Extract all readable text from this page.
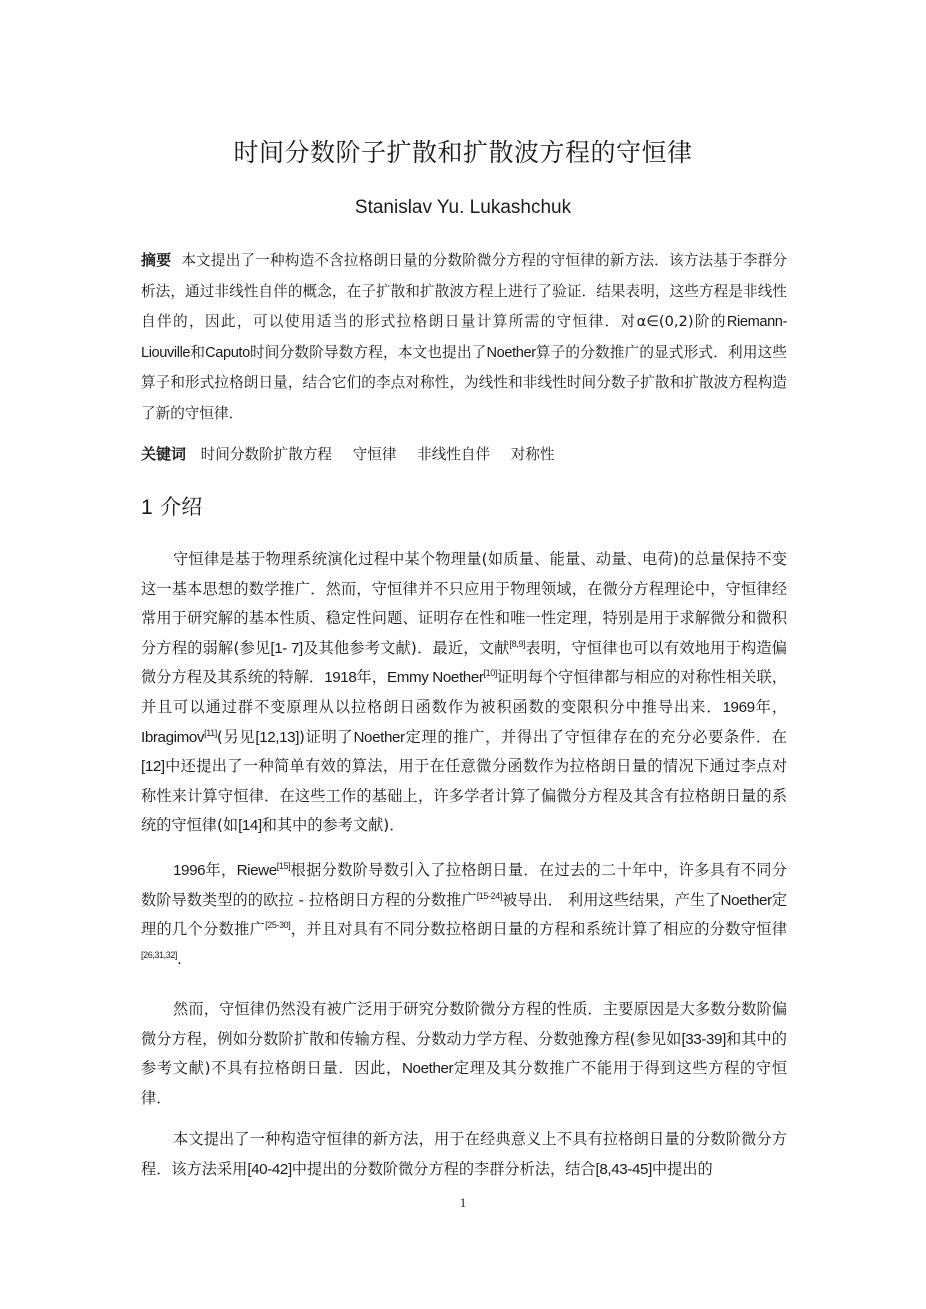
时间分数阶子扩散和扩散波方程的守恒律
Stanislav Yu. Lukashchuk
摘要 本文提出了一种构造不含拉格朗日量的分数阶微分方程的守恒律的新方法．该方法基于李群分析法，通过非线性自伴的概念，在子扩散和扩散波方程上进行了验证．结果表明，这些方程是非线性自伴的，因此，可以使用适当的形式拉格朗日量计算所需的守恒律．对α∈(0,2)阶的Riemann-Liouville和Caputo时间分数阶导数方程，本文也提出了Noether算子的分数推广的显式形式．利用这些算子和形式拉格朗日量，结合它们的李点对称性，为线性和非线性时间分数子扩散和扩散波方程构造了新的守恒律．
关键词 时间分数阶扩散方程 守恒律 非线性自伴 对称性
1 介绍
守恒律是基于物理系统演化过程中某个物理量(如质量、能量、动量、电荷)的总量保持不变这一基本思想的数学推广．然而，守恒律并不只应用于物理领域，在微分方程理论中，守恒律经常用于研究解的基本性质、稳定性问题、证明存在性和唯一性定理，特别是用于求解微分和微积分方程的弱解(参见[1- 7]及其他参考文献)．最近，文献[8,9]表明，守恒律也可以有效地用于构造偏微分方程及其系统的特解．1918年，Emmy Noether[10]证明每个守恒律都与相应的对称性相关联，并且可以通过群不变原理从以拉格朗日函数作为被积函数的变限积分中推导出来．1969年，Ibragimov[11](另见[12,13])证明了Noether定理的推广，并得出了守恒律存在的充分必要条件．在[12]中还提出了一种简单有效的算法，用于在任意微分函数作为拉格朗日量的情况下通过李点对称性来计算守恒律．在这些工作的基础上，许多学者计算了偏微分方程及其含有拉格朗日量的系统的守恒律(如[14]和其中的参考文献)．
1996年，Riewe[15]根据分数阶导数引入了拉格朗日量．在过去的二十年中，许多具有不同分数阶导数类型的的欧拉 - 拉格朗日方程的分数推广[15-24]被导出． 利用这些结果，产生了Noether定理的几个分数推广[25-30]，并且对具有不同分数拉格朗日量的方程和系统计算了相应的分数守恒律[26,31,32].
然而，守恒律仍然没有被广泛用于研究分数阶微分方程的性质．主要原因是大多数分数阶偏微分方程，例如分数阶扩散和传输方程、分数动力学方程、分数弛豫方程(参见如[33-39]和其中的参考文献)不具有拉格朗日量．因此，Noether定理及其分数推广不能用于得到这些方程的守恒律．
本文提出了一种构造守恒律的新方法，用于在经典意义上不具有拉格朗日量的分数阶微分方程．该方法采用[40-42]中提出的分数阶微分方程的李群分析法，结合[8,43-45]中提出的
1
